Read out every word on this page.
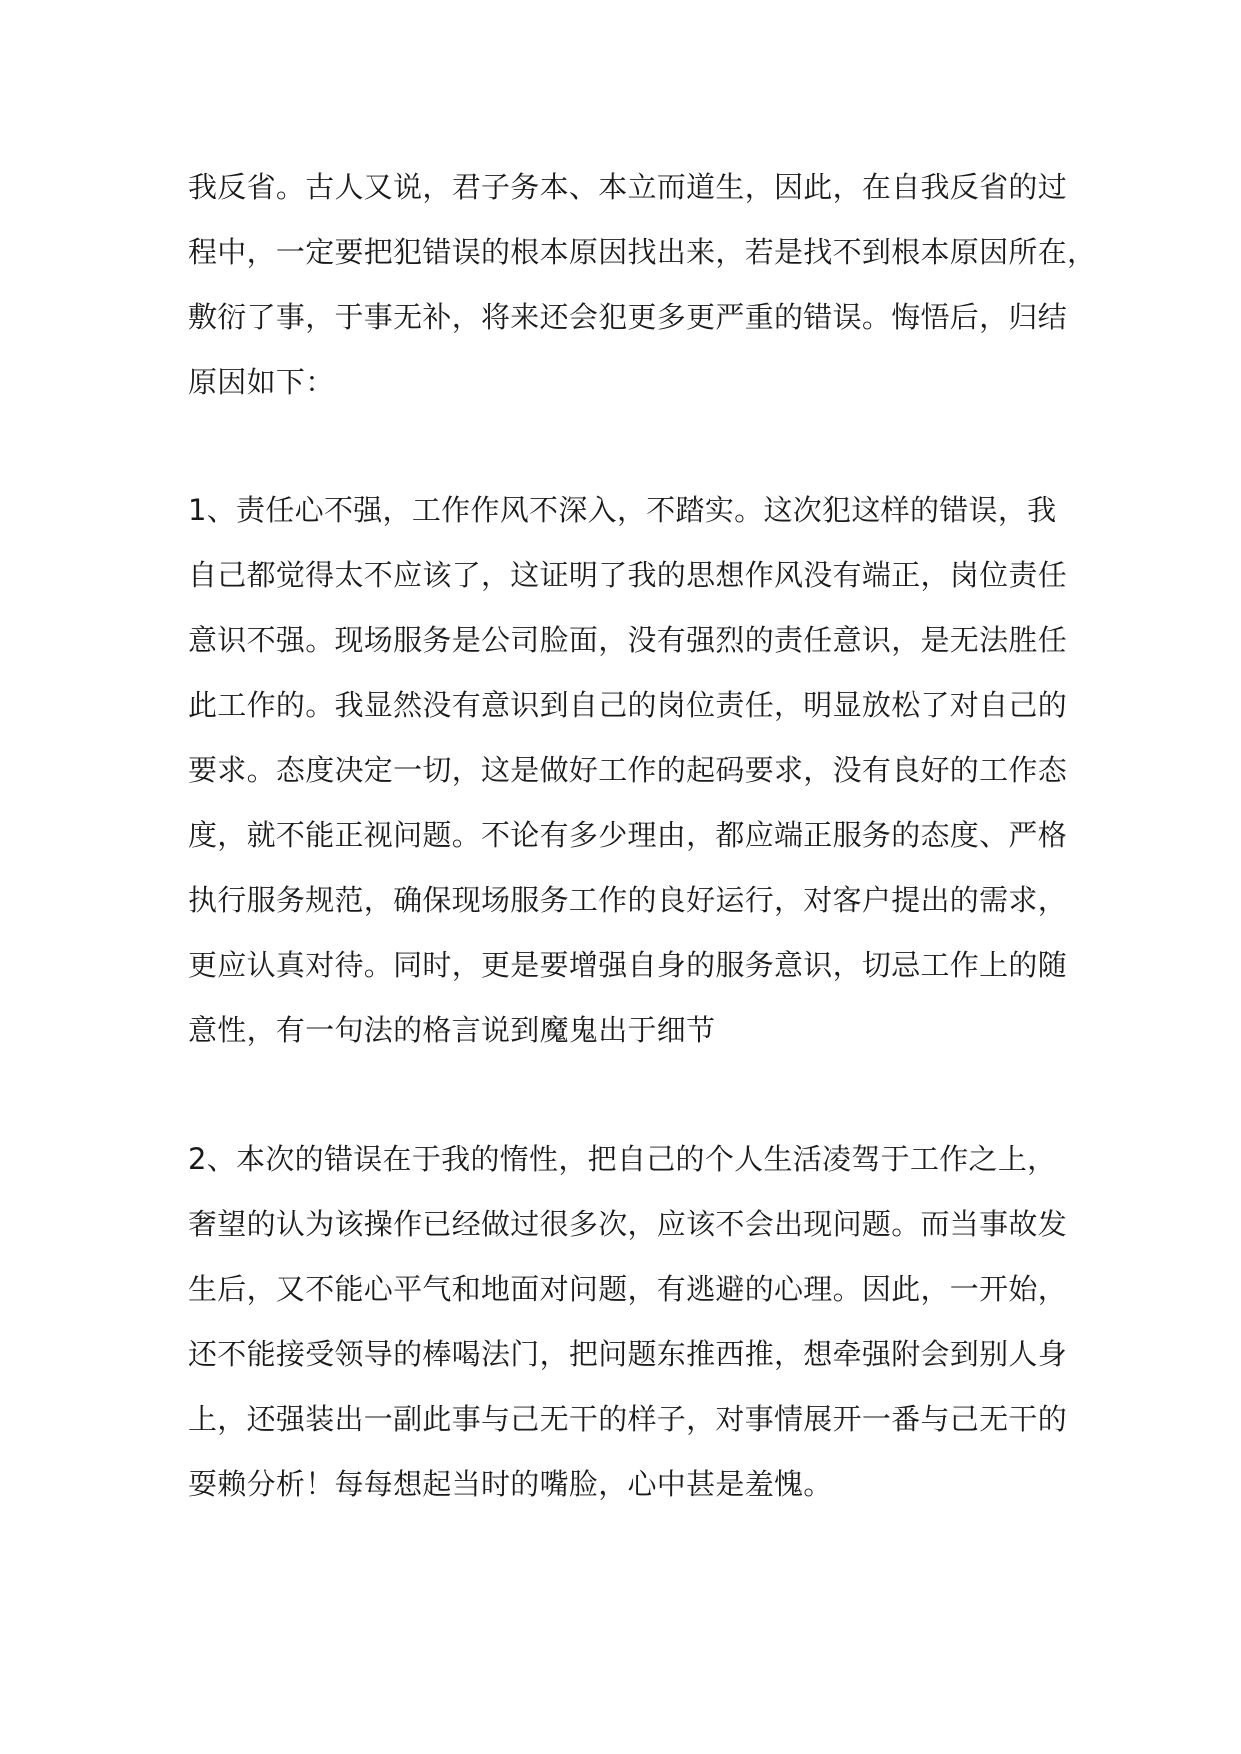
我反省。古人又说，君子务本、本立而道生，因此，在自我反省的过
程中，一定要把犯错误的根本原因找出来，若是找不到根本原因所在，
敷衍了事，于事无补，将来还会犯更多更严重的错误。悔悟后，归结
原因如下：
1、责任心不强，工作作风不深入，不踏实。这次犯这样的错误，我
自己都觉得太不应该了，这证明了我的思想作风没有端正，岗位责任
意识不强。现场服务是公司脸面，没有强烈的责任意识，是无法胜任
此工作的。我显然没有意识到自己的岗位责任，明显放松了对自己的
要求。态度决定一切，这是做好工作的起码要求，没有良好的工作态
度，就不能正视问题。不论有多少理由，都应端正服务的态度、严格
执行服务规范，确保现场服务工作的良好运行，对客户提出的需求，
更应认真对待。同时，更是要增强自身的服务意识，切忌工作上的随
意性，有一句法的格言说到魔鬼出于细节
2、本次的错误在于我的惰性，把自己的个人生活凌驾于工作之上，
奢望的认为该操作已经做过很多次，应该不会出现问题。而当事故发
生后，又不能心平气和地面对问题，有逃避的心理。因此，一开始，
还不能接受领导的棒喝法门，把问题东推西推，想牵强附会到别人身
上，还强装出一副此事与己无干的样子，对事情展开一番与己无干的
耍赖分析！每每想起当时的嘴脸，心中甚是羞愧。
